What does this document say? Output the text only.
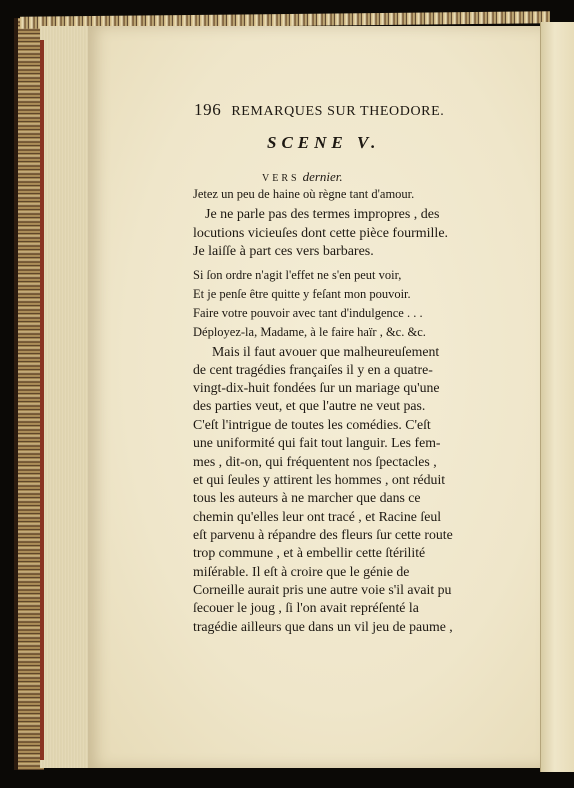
196 REMARQUES SUR THEODORE.
SCENE V.
VERS dernier.
Jetez un peu de haine où règne tant d'amour.
Je ne parle pas des termes impropres , des
locutions vicieuſes dont cette pièce fourmille.
Je laiſſe à part ces vers barbares.
Si ſon ordre n'agit l'effet ne s'en peut voir,
Et je penſe être quitte y feſant mon pouvoir.
Faire votre pouvoir avec tant d'indulgence . . .
Déployez-la, Madame, à le faire haïr , &c. &c.
Mais il faut avouer que malheureuſement
de cent tragédies françaiſes il y en a quatre-
vingt-dix-huit fondées ſur un mariage qu'une
des parties veut, et que l'autre ne veut pas.
C'eſt l'intrigue de toutes les comédies. C'eſt
une uniformité qui fait tout languir. Les fem-
mes , dit-on, qui fréquentent nos ſpectacles ,
et qui ſeules y attirent les hommes , ont réduit
tous les auteurs à ne marcher que dans ce
chemin qu'elles leur ont tracé , et Racine ſeul
eſt parvenu à répandre des fleurs ſur cette route
trop commune , et à embellir cette ſtérilité
miſérable. Il eſt à croire que le génie de
Corneille aurait pris une autre voie s'il avait pu
ſecouer le joug , ſi l'on avait repréſenté la
tragédie ailleurs que dans un vil jeu de paume ,
